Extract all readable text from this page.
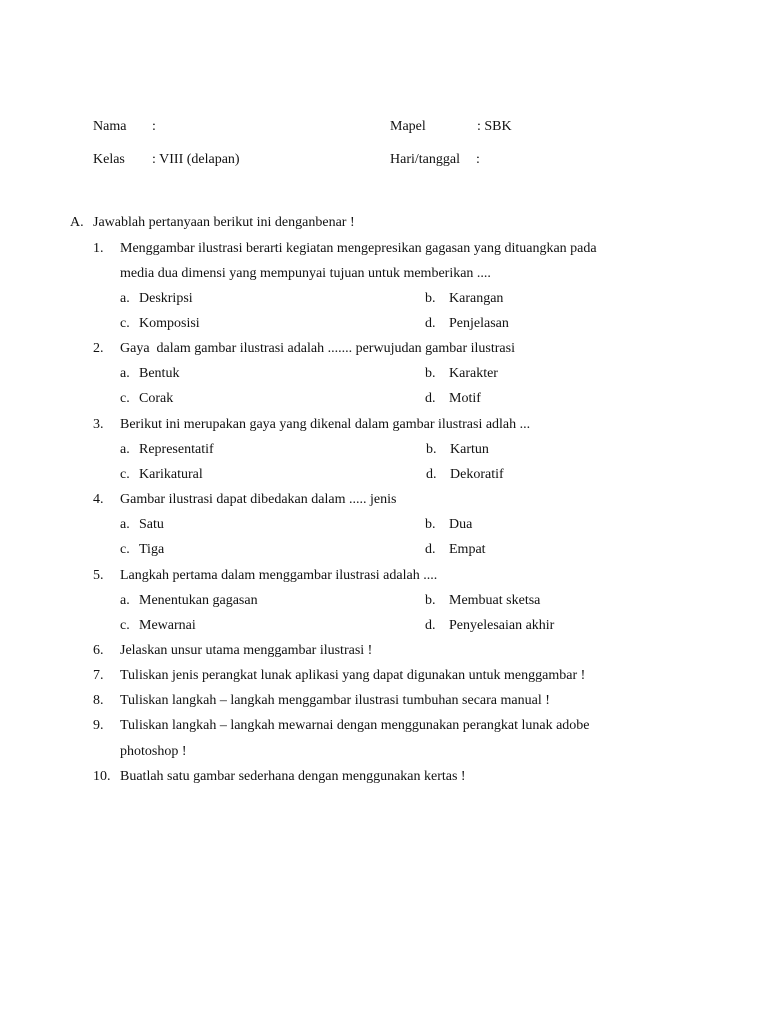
Nama :	Mapel	: SBK
Kelas : VIII (delapan)	Hari/tanggal :
A. Jawablah pertanyaan berikut ini denganbenar !
1. Menggambar ilustrasi berarti kegiatan mengepresikan gagasan yang dituangkan pada
media dua dimensi yang mempunyai tujuan untuk memberikan ....
a. Deskripsi	b. Karangan
c. Komposisi	d. Penjelasan
2. Gaya  dalam gambar ilustrasi adalah ....... perwujudan gambar ilustrasi
a. Bentuk	b. Karakter
c. Corak	d. Motif
3. Berikut ini merupakan gaya yang dikenal dalam gambar ilustrasi adlah ...
a. Representatif	b. Kartun
c. Karikatural	d. Dekoratif
4. Gambar ilustrasi dapat dibedakan dalam ..... jenis
a. Satu	b. Dua
c. Tiga	d. Empat
5. Langkah pertama dalam menggambar ilustrasi adalah ....
a. Menentukan gagasan	b. Membuat sketsa
c. Mewarnai	d. Penyelesaian akhir
6. Jelaskan unsur utama menggambar ilustrasi !
7. Tuliskan jenis perangkat lunak aplikasi yang dapat digunakan untuk menggambar !
8. Tuliskan langkah – langkah menggambar ilustrasi tumbuhan secara manual !
9. Tuliskan langkah – langkah mewarnai dengan menggunakan perangkat lunak adobe
photoshop !
10. Buatlah satu gambar sederhana dengan menggunakan kertas !
